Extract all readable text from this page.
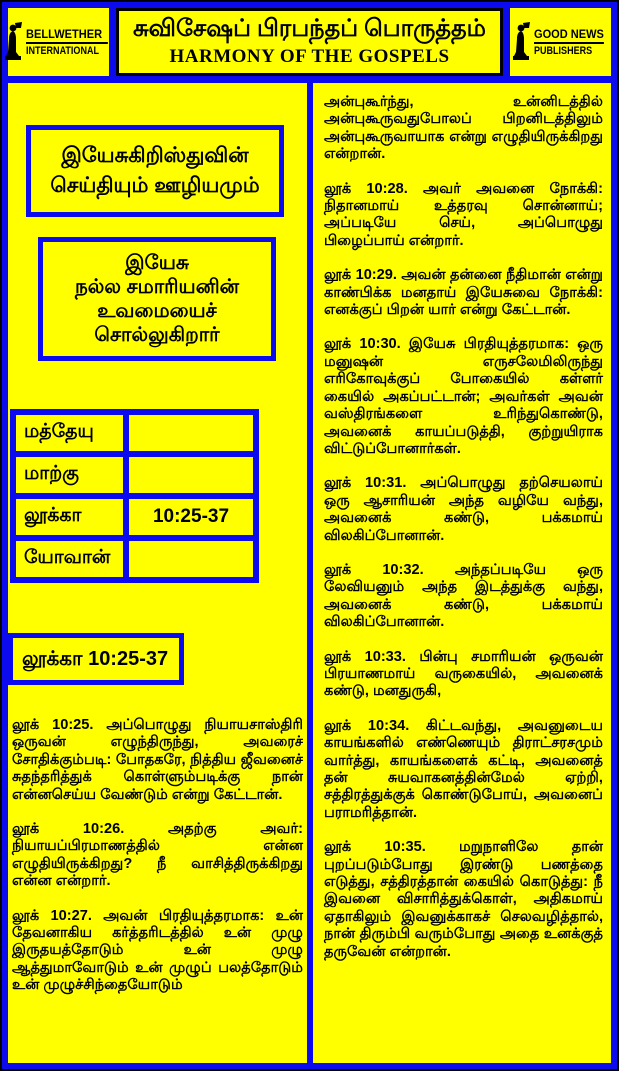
BELLWETHER
INTERNATIONAL
சுவிசேஷப் பிரபந்தப் பொருத்தம்
HARMONY OF THE GOSPELS
GOOD NEWS
PUBLISHERS
இயேசுகிறிஸ்துவின்
செய்தியும் ஊழியமும்
இயேசு
நல்ல சமாரியனின்
உவமையைச்
சொல்லுகிறார்
மத்தேயு	
மாற்கு	
லூக்கா	10:25-37
யோவான்	
லூக்கா 10:25-37

லூக் 10:25. அப்பொழுது நியாயசாஸ்திரி ஒருவன் எழுந்திருந்து, அவரைச் சோதிக்கும்படி: போதகரே, நித்திய ஜீவனைச் சுதந்தரித்துக் கொள்ளும்படிக்கு நான் என்னசெய்ய வேண்டும் என்று கேட்டான்.

லூக் 10:26. அதற்கு அவர்: நியாயப்பிரமாணத்தில் என்ன எழுதியிருக்கிறது? நீ வாசித்திருக்கிறது என்ன என்றார்.

லூக் 10:27. அவன் பிரதியுத்தரமாக: உன் தேவனாகிய கர்த்தரிடத்தில் உன் முழு இருதயத்தோடும் உன் முழு ஆத்துமாவோடும் உன் முழுப் பலத்தோடும் உன் முழுச்சிந்தையோடும்

அன்புகூர்ந்து, உன்னிடத்தில் அன்புகூருவதுபோலப் பிறனிடத்திலும் அன்புகூருவாயாக என்று எழுதியிருக்கிறது என்றான்.

லூக் 10:28. அவர் அவனை நோக்கி: நிதானமாய் உத்தரவு சொன்னாய்; அப்படியே செய், அப்பொழுது பிழைப்பாய் என்றார்.

லூக் 10:29. அவன் தன்னை நீதிமான் என்று காண்பிக்க மனதாய் இயேசுவை நோக்கி: எனக்குப் பிறன் யார் என்று கேட்டான்.

லூக் 10:30. இயேசு பிரதியுத்தரமாக: ஒரு மனுஷன் எருசலேமிலிருந்து எரிகோவுக்குப் போகையில் கள்ளர் கையில் அகப்பட்டான்; அவர்கள் அவன் வஸ்திரங்களை உரிந்துகொண்டு, அவனைக் காயப்படுத்தி, குற்றுயிராக விட்டுப்போனார்கள்.

லூக் 10:31. அப்பொழுது தற்செயலாய் ஒரு ஆசாரியன் அந்த வழியே வந்து, அவனைக் கண்டு, பக்கமாய் விலகிப்போனான்.

லூக் 10:32. அந்தப்படியே ஒரு லேவியனும் அந்த இடத்துக்கு வந்து, அவனைக் கண்டு, பக்கமாய் விலகிப்போனான்.

லூக் 10:33. பின்பு சமாரியன் ஒருவன் பிரயாணமாய் வருகையில், அவனைக் கண்டு, மனதுருகி,

லூக் 10:34. கிட்டவந்து, அவனுடைய காயங்களில் எண்ணெயும் திராட்சரசமும் வார்த்து, காயங்களைக் கட்டி, அவனைத் தன் சுயவாகனத்தின்மேல் ஏற்றி, சத்திரத்துக்குக் கொண்டுபோய், அவனைப் பராமரித்தான்.

லூக் 10:35. மறுநாளிலே தான் புறப்படும்போது இரண்டு பணத்தை எடுத்து, சத்திரத்தான் கையில் கொடுத்து: நீ இவனை விசாரித்துக்கொள், அதிகமாய் ஏதாகிலும் இவனுக்காகச் செலவழித்தால், நான் திரும்பி வரும்போது அதை உனக்குத் தருவேன் என்றான்.
